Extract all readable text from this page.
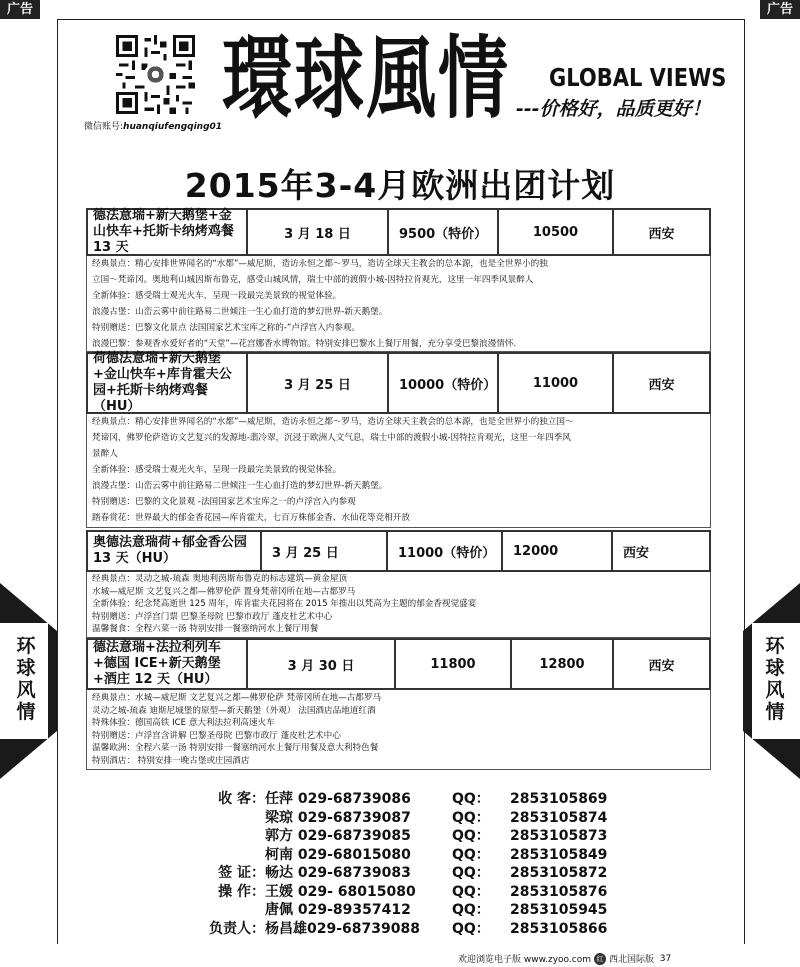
广告	广告
微信账号:huanqiufengqing01 環球風情 GLOBAL VIEWS
---价格好，品质更好！
2015年3-4月欧洲出团计划
德法意瑞+新天鹅堡+金山快车+托斯卡纳烤鸡餐 13 天
3 月 18 日	9500（特价）	10500	西安
经典景点：精心安排世界闻名的“水都”—威尼斯，造访永恒之都～罗马，造访全球天主教会的总本源，也是全世界小的独
立国～梵谛冈。奥地利山城因斯布鲁克，感受山城风情，瑞士中部的渡假小城-因特拉肯观光，这里一年四季风景醉人
全新体验：感受瑞士观光火车，呈现一段最完美景致的视觉体验。
浪漫古堡：山峦云雾中前往路易二世倾注一生心血打造的梦幻世界-新天鹅堡。
特别赠送：巴黎文化景点 法国国家艺术宝库之称的-”卢浮宫入内参观。
浪漫巴黎：参观香水爱好者的“天堂”—花宫娜香水博物馆。特别安排巴黎水上餐厅用餐，充分享受巴黎浪漫情怀.
荷德法意瑞+新天鹅堡+金山快车+库肯霍夫公园+托斯卡纳烤鸡餐（HU）
3 月 25 日	10000（特价）	11000	西安
经典景点：精心安排世界闻名的“水都”—威尼斯，造访永恒之都～罗马，造访全球天主教会的总本源，也是全世界小的独立国～
梵谛冈，佛罗伦萨造访文艺复兴的发源地-翡冷翠，沉浸于欧洲人文气息，瑞士中部的渡假小城-因特拉肯观光，这里一年四季风
景醉人
全新体验：感受瑞士观光火车，呈现一段最完美景致的视觉体验。
浪漫古堡：山峦云雾中前往路易二世倾注一生心血打造的梦幻世界-新天鹅堡。
特别赠送：巴黎的文化景观 -法国国家艺术宝库之一的卢浮宫入内参观
踏春赏花：世界最大的郁金香花园—库肯霍夫，七百万株郁金香、水仙花等竞相开放
奥德法意瑞荷+郁金香公园 13 天（HU）	3 月 25 日	11000（特价）	12000	西安
经典景点：灵动之城-琉森 奥地利茵斯布鲁克的标志建筑—黄金屋顶
水城—威尼斯 文艺复兴之都—佛罗伦萨 置身梵蒂冈所在地—古都罗马
全新体验：纪念梵高逝世 125 周年，库肯霍夫花园将在 2015 年推出以梵高为主题的郁金香视觉盛宴
特别赠送：卢浮宫门票 巴黎圣母院 巴黎市政厅 蓬皮杜艺术中心
温馨餐食：全程六菜一汤 特别安排一餐塞纳河水上餐厅用餐
德法意瑞+法拉利列车+德国 ICE+新天鹅堡+酒庄 12 天（HU）
3 月 30 日	11800	12800	西安
经典景点：水城—威尼斯 文艺复兴之都—佛罗伦萨 梵蒂冈所在地—古都罗马
灵动之城-琉森 迪斯尼城堡的原型—新天鹅堡（外观） 法国酒店品地道红酒
特殊体验：德国高铁 ICE 意大利法拉利高速火车
特别赠送：卢浮宫含讲解 巴黎圣母院 巴黎市政厅 蓬皮杜艺术中心
温馨欧洲：全程六菜一汤 特别安排一餐塞纳河水上餐厅用餐及意大利特色餐
特别酒店： 特别安排一晚古堡或庄园酒店
环
球
风
情
环
球
风
情
收 客： 任萍 029-68739086	QQ：	2853105869
梁琼 029-68739087	QQ：	2853105874
郭方 029-68739085	QQ：	2853105873
柯南 029-68015080	QQ：	2853105849
签 证： 畅达 029-68739083	QQ：	2853105872
操 作： 王媛 029- 68015080	QQ：	2853105876
唐佩 029-89357412	QQ：	2853105945
负责人： 杨昌雄029-68739088	QQ：	2853105866
欢迎浏览电子版 www.zyoo.com 红 西北国际版
37
